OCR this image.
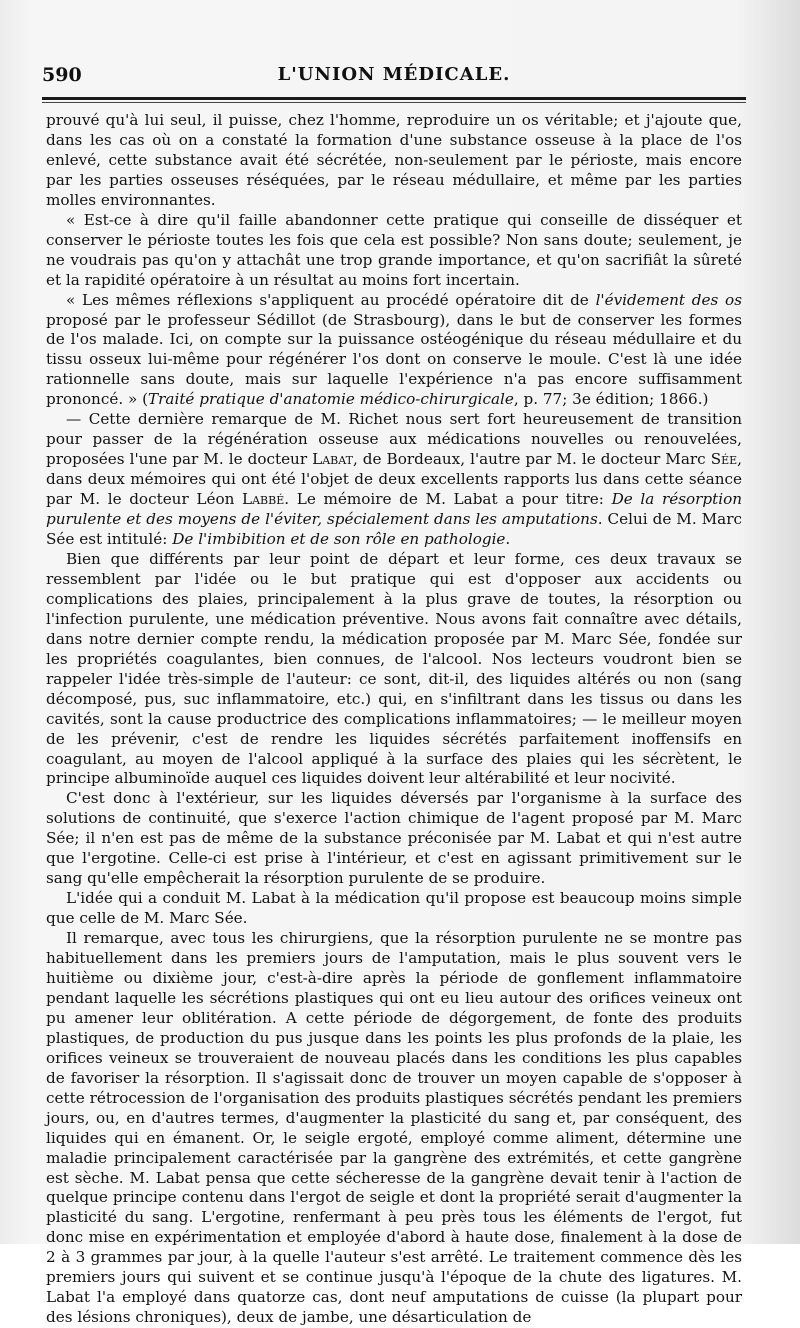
590	L'UNION MÉDICALE.

prouvé qu'à lui seul, il puisse, chez l'homme, reproduire un os véritable; et j'ajoute que, dans les cas où on a constaté la formation d'une substance osseuse à la place de l'os enlevé, cette substance avait été sécrétée, non-seulement par le périoste, mais encore par les parties osseuses réséquées, par le réseau médullaire, et même par les parties molles environnantes.

« Est-ce à dire qu'il faille abandonner cette pratique qui conseille de disséquer et conserver le périoste toutes les fois que cela est possible? Non sans doute; seulement, je ne voudrais pas qu'on y attachât une trop grande importance, et qu'on sacrifiât la sûreté et la rapidité opératoire à un résultat au moins fort incertain.

« Les mêmes réflexions s'appliquent au procédé opératoire dit de l'évidement des os proposé par le professeur Sédillot (de Strasbourg), dans le but de conserver les formes de l'os malade. Ici, on compte sur la puissance ostéogénique du réseau médullaire et du tissu osseux lui-même pour régénérer l'os dont on conserve le moule. C'est là une idée rationnelle sans doute, mais sur laquelle l'expérience n'a pas encore suffisamment prononcé. » (Traité pratique d'anatomie médico-chirurgicale, p. 77; 3e édition; 1866.)

— Cette dernière remarque de M. Richet nous sert fort heureusement de transition pour passer de la régénération osseuse aux médications nouvelles ou renouvelées, proposées l'une par M. le docteur Labat, de Bordeaux, l'autre par M. le docteur Marc Sée, dans deux mémoires qui ont été l'objet de deux excellents rapports lus dans cette séance par M. le docteur Léon Labbé. Le mémoire de M. Labat a pour titre: De la résorption purulente et des moyens de l'éviter, spécialement dans les amputations. Celui de M. Marc Sée est intitulé: De l'imbibition et de son rôle en pathologie.

Bien que différents par leur point de départ et leur forme, ces deux travaux se ressemblent par l'idée ou le but pratique qui est d'opposer aux accidents ou complications des plaies, principalement à la plus grave de toutes, la résorption ou l'infection purulente, une médication préventive. Nous avons fait connaître avec détails, dans notre dernier compte rendu, la médication proposée par M. Marc Sée, fondée sur les propriétés coagulantes, bien connues, de l'alcool. Nos lecteurs voudront bien se rappeler l'idée très-simple de l'auteur: ce sont, dit-il, des liquides altérés ou non (sang décomposé, pus, suc inflammatoire, etc.) qui, en s'infiltrant dans les tissus ou dans les cavités, sont la cause productrice des complications inflammatoires; — le meilleur moyen de les prévenir, c'est de rendre les liquides sécrétés parfaitement inoffensifs en coagulant, au moyen de l'alcool appliqué à la surface des plaies qui les sécrètent, le principe albuminoïde auquel ces liquides doivent leur altérabilité et leur nocivité.

C'est donc à l'extérieur, sur les liquides déversés par l'organisme à la surface des solutions de continuité, que s'exerce l'action chimique de l'agent proposé par M. Marc Sée; il n'en est pas de même de la substance préconisée par M. Labat et qui n'est autre que l'ergotine. Celle-ci est prise à l'intérieur, et c'est en agissant primitivement sur le sang qu'elle empêcherait la résorption purulente de se produire.

L'idée qui a conduit M. Labat à la médication qu'il propose est beaucoup moins simple que celle de M. Marc Sée.

Il remarque, avec tous les chirurgiens, que la résorption purulente ne se montre pas habituellement dans les premiers jours de l'amputation, mais le plus souvent vers le huitième ou dixième jour, c'est-à-dire après la période de gonflement inflammatoire pendant laquelle les sécrétions plastiques qui ont eu lieu autour des orifices veineux ont pu amener leur oblitération. A cette période de dégorgement, de fonte des produits plastiques, de production du pus jusque dans les points les plus profonds de la plaie, les orifices veineux se trouveraient de nouveau placés dans les conditions les plus capables de favoriser la résorption. Il s'agissait donc de trouver un moyen capable de s'opposer à cette rétrocession de l'organisation des produits plastiques sécrétés pendant les premiers jours, ou, en d'autres termes, d'augmenter la plasticité du sang et, par conséquent, des liquides qui en émanent. Or, le seigle ergoté, employé comme aliment, détermine une maladie principalement caractérisée par la gangrène des extrémités, et cette gangrène est sèche. M. Labat pensa que cette sécheresse de la gangrène devait tenir à l'action de quelque principe contenu dans l'ergot de seigle et dont la propriété serait d'augmenter la plasticité du sang. L'ergotine, renfermant à peu près tous les éléments de l'ergot, fut donc mise en expérimentation et employée d'abord à haute dose, finalement à la dose de 2 à 3 grammes par jour, à la quelle l'auteur s'est arrêté. Le traitement commence dès les premiers jours qui suivent et se continue jusqu'à l'époque de la chute des ligatures. M. Labat l'a employé dans quatorze cas, dont neuf amputations de cuisse (la plupart pour des lésions chroniques), deux de jambe, une désarticulation de
